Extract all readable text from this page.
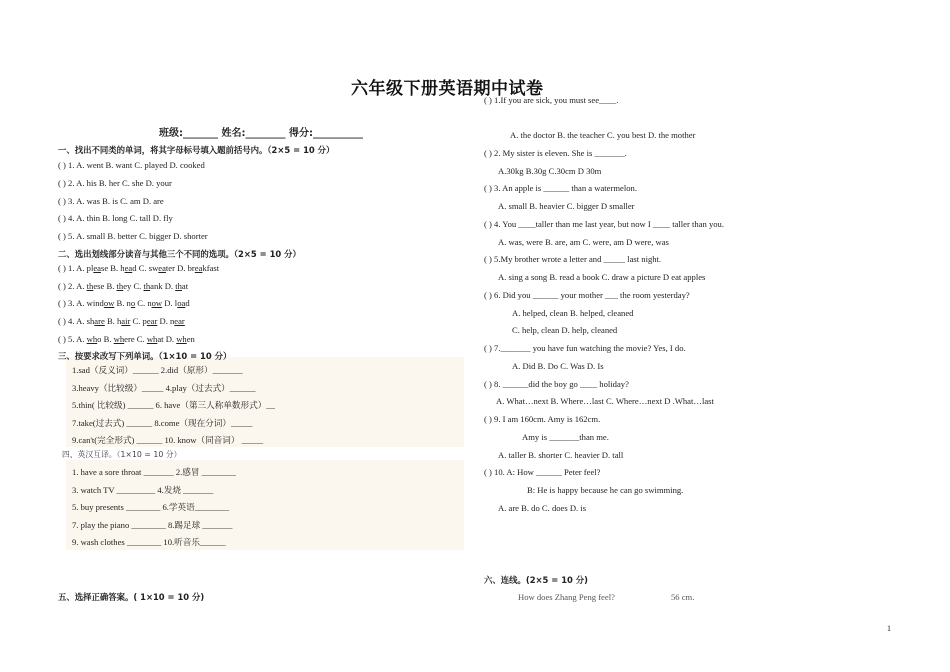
六年级下册英语期中试卷
班级:_______ 姓名:________ 得分:__________
一、找出不同类的单词，将其字母标号填入题前括号内。（2×5 = 10 分）
( ) 1. A. went B. want C. played D. cooked
( ) 2. A. his B. her C. she D. your
( ) 3. A. was B. is C. am D. are
( ) 4. A. thin B. long C. tall D. fly
( ) 5. A. small B. better C. bigger D. shorter
二、选出划线部分读音与其他三个不同的选项。（2×5 = 10 分）
( ) 1. A. please B. head C. sweater D. breakfast
( ) 2. A. these B. they C. thank D. that
( ) 3. A. window B. no C. now D. load
( ) 4. A. share B. hair C. pear D. near
( ) 5. A. who B. where C. what D. when
三、按要求改写下列单词。（1×10 = 10 分）
1.sad（反义词）______ 2.did（原形）_______
3.heavy（比较级）_____ 4.play（过去式）______
5.thin( 比较级) ______ 6. have（第三人称单数形式）__
7.take(过去式) ______ 8.come（现在分词）_____
9.can't(完全形式) ______ 10. know（同音词） _____
四、英汉互译。（1×10 = 10 分）
1. have a sore throat _______ 2.感冒 ________
3. watch TV _________ 4.发烧 _______
5. buy presents ________ 6.学英语________
7. play the piano ________ 8.踢足球 _______
9. wash clothes ________ 10.听音乐______
五、选择正确答案。( 1×10 = 10 分)
( ) 1.If you are sick, you must see____.
A. the doctor B. the teacher C. you best D. the mother
( ) 2. My sister is eleven. She is _______.
A.30kg B.30g C.30cm D 30m
( ) 3. An apple is ______ than a watermelon.
A. small B. heavier C. bigger D smaller
( ) 4. You ____taller than me last year, but now I ____ taller than you.
A. was, were B. are, am C. were, am D were, was
( ) 5.My brother wrote a letter and _____ last night.
A. sing a song B. read a book C. draw a picture D eat apples
( ) 6. Did you ______ your mother ___ the room yesterday?
A. helped, clean B. helped, cleaned
C. help, clean D. help, cleaned
( ) 7._______ you have fun watching the movie? Yes, I do.
A. Did B. Do C. Was D. Is
( ) 8. ______did the boy go ____ holiday?
A. What…next B. Where…last C. Where…next D .What…last
( ) 9. I am 160cm. Amy is 162cm.
Amy is _______than me.
A. taller B. shorter C. heavier D. tall
( ) 10. A: How ______ Peter feel?
B: He is happy because he can go swimming.
A. are B. do C. does D. is
六、连线。(2×5 = 10 分)
How does Zhang Peng feel?	56 cm.
1
